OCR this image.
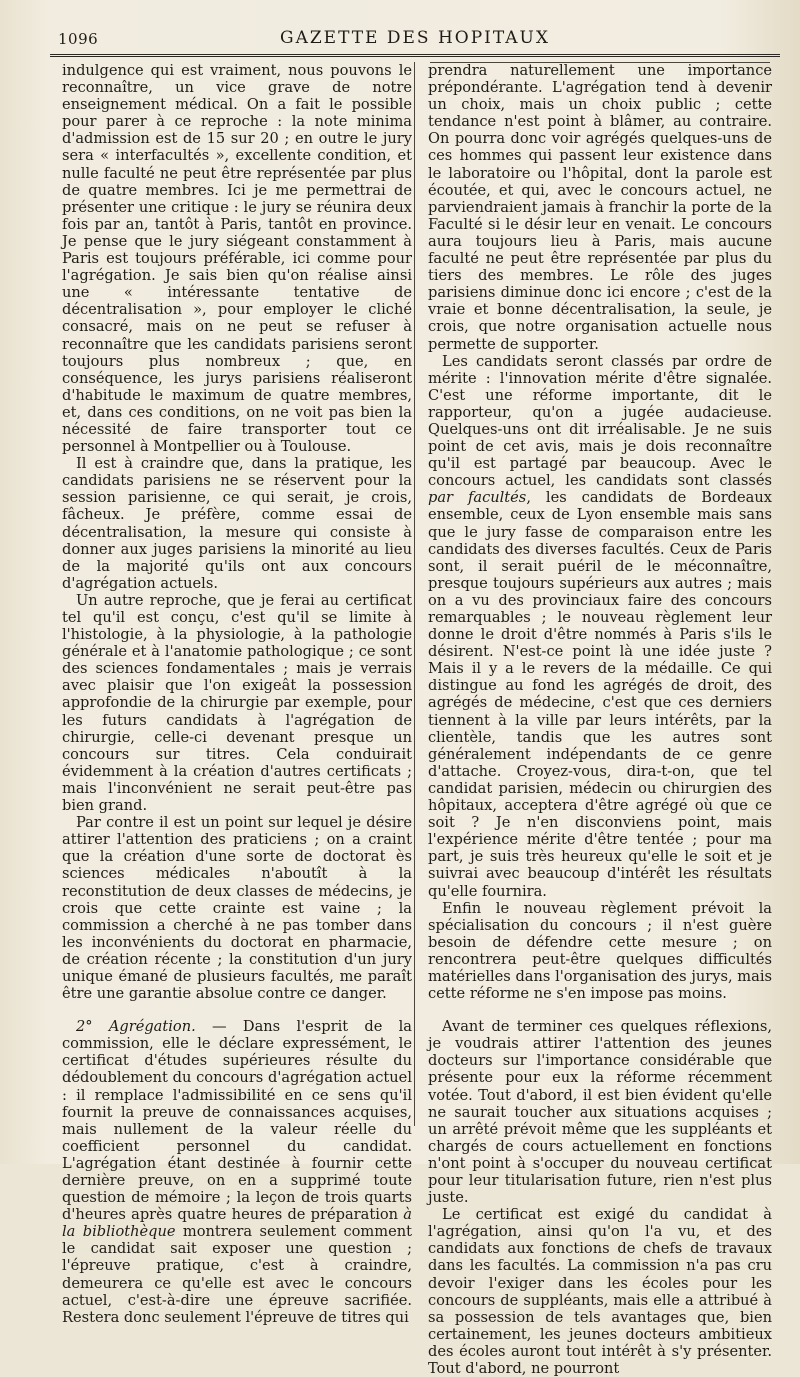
1096	GAZETTE DES HOPITAUX

indulgence qui est vraiment, nous pouvons le reconnaître, un vice grave de notre enseignement médical. On a fait le possible pour parer à ce reproche : la note minima d'admission est de 15 sur 20 ; en outre le jury sera « interfacultés », excellente condition, et nulle faculté ne peut être représentée par plus de quatre membres. Ici je me permettrai de présenter une critique : le jury se réunira deux fois par an, tantôt à Paris, tantôt en province. Je pense que le jury siégeant constamment à Paris est toujours préférable, ici comme pour l'agrégation. Je sais bien qu'on réalise ainsi une « intéressante tentative de décentralisation », pour employer le cliché consacré, mais on ne peut se refuser à reconnaître que les candidats parisiens seront toujours plus nombreux ; que, en conséquence, les jurys parisiens réaliseront d'habitude le maximum de quatre membres, et, dans ces conditions, on ne voit pas bien la nécessité de faire transporter tout ce personnel à Montpellier ou à Toulouse.

Il est à craindre que, dans la pratique, les candidats parisiens ne se réservent pour la session parisienne, ce qui serait, je crois, fâcheux. Je préfère, comme essai de décentralisation, la mesure qui consiste à donner aux juges parisiens la minorité au lieu de la majorité qu'ils ont aux concours d'agrégation actuels.

Un autre reproche, que je ferai au certificat tel qu'il est conçu, c'est qu'il se limite à l'histologie, à la physiologie, à la pathologie générale et à l'anatomie pathologique ; ce sont des sciences fondamentales ; mais je verrais avec plaisir que l'on exigeât la possession approfondie de la chirurgie par exemple, pour les futurs candidats à l'agrégation de chirurgie, celle-ci devenant presque un concours sur titres. Cela conduirait évidemment à la création d'autres certificats ; mais l'inconvénient ne serait peut-être pas bien grand.

Par contre il est un point sur lequel je désire attirer l'attention des praticiens ; on a craint que la création d'une sorte de doctorat ès sciences médicales n'aboutît à la reconstitution de deux classes de médecins, je crois que cette crainte est vaine ; la commission a cherché à ne pas tomber dans les inconvénients du doctorat en pharmacie, de création récente ; la constitution d'un jury unique émané de plusieurs facultés, me paraît être une garantie absolue contre ce danger.

2° Agrégation. — Dans l'esprit de la commission, elle le déclare expressément, le certificat d'études supérieures résulte du dédoublement du concours d'agrégation actuel : il remplace l'admissibilité en ce sens qu'il fournit la preuve de connaissances acquises, mais nullement de la valeur réelle du coefficient personnel du candidat. L'agrégation étant destinée à fournir cette dernière preuve, on en a supprimé toute question de mémoire ; la leçon de trois quarts d'heures après quatre heures de préparation à la bibliothèque montrera seulement comment le candidat sait exposer une question ; l'épreuve pratique, c'est à craindre, demeurera ce qu'elle est avec le concours actuel, c'est-à-dire une épreuve sacrifiée. Restera donc seulement l'épreuve de titres qui

prendra naturellement une importance prépondérante. L'agrégation tend à devenir un choix, mais un choix public ; cette tendance n'est point à blâmer, au contraire. On pourra donc voir agrégés quelques-uns de ces hommes qui passent leur existence dans le laboratoire ou l'hôpital, dont la parole est écoutée, et qui, avec le concours actuel, ne parviendraient jamais à franchir la porte de la Faculté si le désir leur en venait. Le concours aura toujours lieu à Paris, mais aucune faculté ne peut être représentée par plus du tiers des membres. Le rôle des juges parisiens diminue donc ici encore ; c'est de la vraie et bonne décentralisation, la seule, je crois, que notre organisation actuelle nous permette de supporter.

Les candidats seront classés par ordre de mérite : l'innovation mérite d'être signalée. C'est une réforme importante, dit le rapporteur, qu'on a jugée audacieuse. Quelques-uns ont dit irréalisable. Je ne suis point de cet avis, mais je dois reconnaître qu'il est partagé par beaucoup. Avec le concours actuel, les candidats sont classés par facultés, les candidats de Bordeaux ensemble, ceux de Lyon ensemble mais sans que le jury fasse de comparaison entre les candidats des diverses facultés. Ceux de Paris sont, il serait puéril de le méconnaître, presque toujours supérieurs aux autres ; mais on a vu des provinciaux faire des concours remarquables ; le nouveau règlement leur donne le droit d'être nommés à Paris s'ils le désirent. N'est-ce point là une idée juste ? Mais il y a le revers de la médaille. Ce qui distingue au fond les agrégés de droit, des agrégés de médecine, c'est que ces derniers tiennent à la ville par leurs intérêts, par la clientèle, tandis que les autres sont généralement indépendants de ce genre d'attache. Croyez-vous, dira-t-on, que tel candidat parisien, médecin ou chirurgien des hôpitaux, acceptera d'être agrégé où que ce soit ? Je n'en disconviens point, mais l'expérience mérite d'être tentée ; pour ma part, je suis très heureux qu'elle le soit et je suivrai avec beaucoup d'intérêt les résultats qu'elle fournira.

Enfin le nouveau règlement prévoit la spécialisation du concours ; il n'est guère besoin de défendre cette mesure ; on rencontrera peut-être quelques difficultés matérielles dans l'organisation des jurys, mais cette réforme ne s'en impose pas moins.

Avant de terminer ces quelques réflexions, je voudrais attirer l'attention des jeunes docteurs sur l'importance considérable que présente pour eux la réforme récemment votée. Tout d'abord, il est bien évident qu'elle ne saurait toucher aux situations acquises ; un arrêté prévoit même que les suppléants et chargés de cours actuellement en fonctions n'ont point à s'occuper du nouveau certificat pour leur titularisation future, rien n'est plus juste.

Le certificat est exigé du candidat à l'agrégation, ainsi qu'on l'a vu, et des candidats aux fonctions de chefs de travaux dans les facultés. La commission n'a pas cru devoir l'exiger dans les écoles pour les concours de suppléants, mais elle a attribué à sa possession de tels avantages que, bien certainement, les jeunes docteurs ambitieux des écoles auront tout intérêt à s'y présenter. Tout d'abord, ne pourront
